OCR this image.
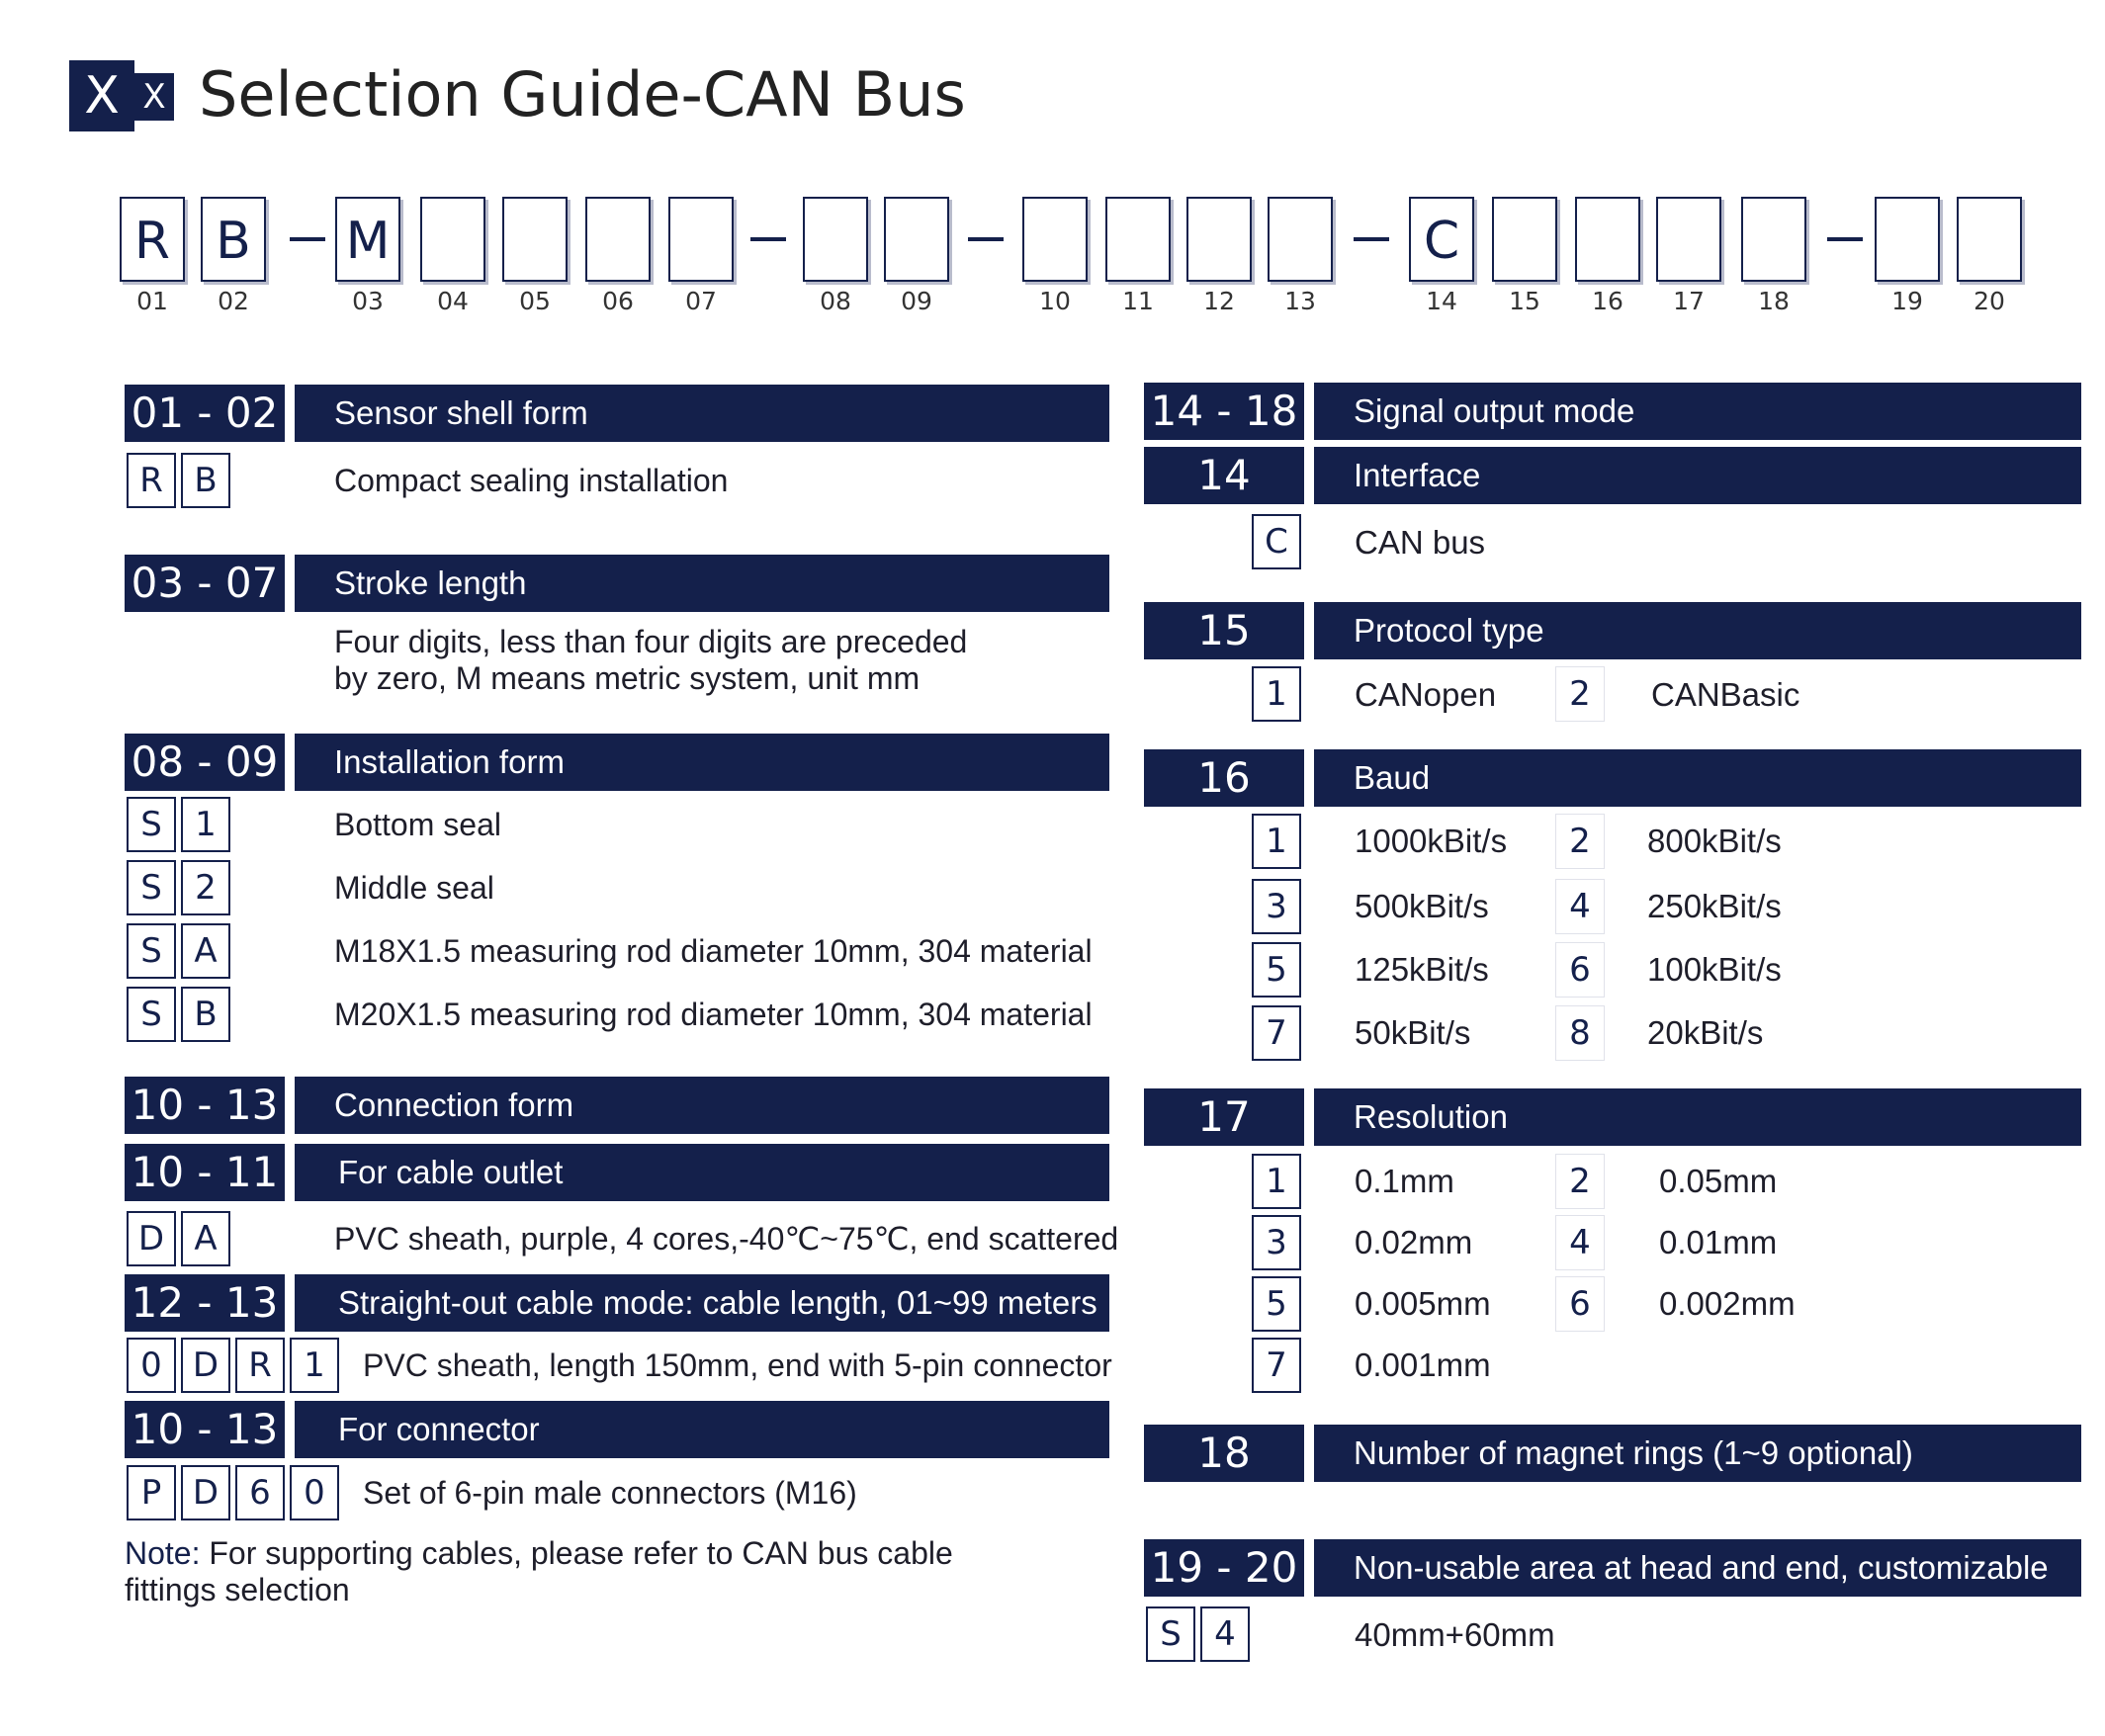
X X Selection Guide-CAN Bus
R
01
B
02
M
03	04	05	06	07	08	09	10	11	12	13
C
14	15	16	17	18	19	20
01 - 02	Sensor shell form
R B	Compact sealing installation
03 - 07	Stroke length
Four digits, less than four digits are preceded
by zero, M means metric system, unit mm
08 - 09	Installation form
S 1	Bottom seal
S 2	Middle seal
S A	M18X1.5 measuring rod diameter 10mm, 304 material
S B	M20X1.5 measuring rod diameter 10mm, 304 material
10 - 13	Connection form
10 - 11	For cable outlet
D A	PVC sheath, purple, 4 cores,-40℃~75℃, end scattered
12 - 13	Straight-out cable mode: cable length, 01~99 meters
0 D R 1	PVC sheath, length 150mm, end with 5-pin connector
10 - 13	For connector
P D 6 0	Set of 6-pin male connectors (M16)
Note: For supporting cables, please refer to CAN bus cable fittings selection
14 - 18	Signal output mode
14	Interface
C	CAN bus
15	Protocol type
1	CANopen	2	CANBasic
16	Baud
1	1000kBit/s	2	800kBit/s
3	500kBit/s	4	250kBit/s
5	125kBit/s	6	100kBit/s
7	50kBit/s	8	20kBit/s
17	Resolution
1	0.1mm	2	0.05mm
3	0.02mm	4	0.01mm
5	0.005mm	6	0.002mm
7	0.001mm
18	Number of magnet rings (1~9 optional)
19 - 20	Non-usable area at head and end, customizable
S 4	40mm+60mm
